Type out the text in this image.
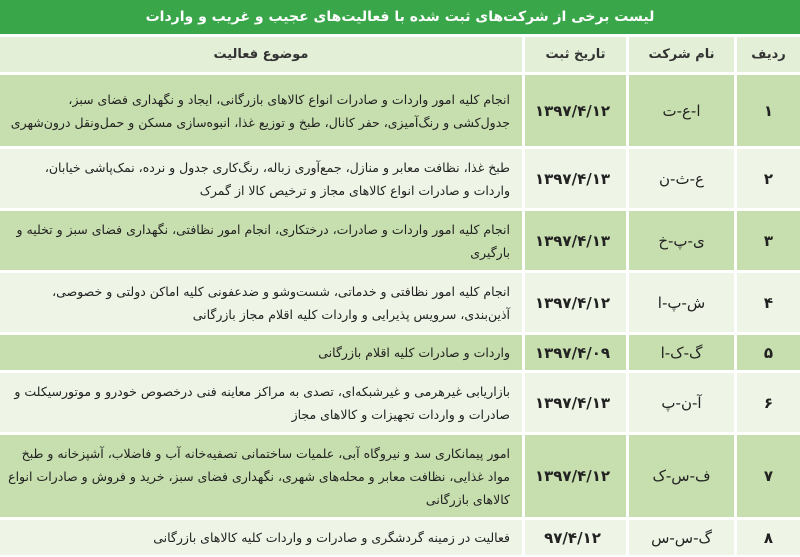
لیست برخی از شرکت‌های ثبت شده با فعالیت‌های عجیب و غریب و واردات			
ردیف	نام شرکت	تاریخ ثبت	موضوع فعالیت
۱	ا-ع-ت	۱۳۹۷/۴/۱۲	انجام کلیه امور واردات و صادرات انواع کالاهای بازرگانی، ایجاد و نگهداری فضای سبز، جدول‌کشی و رنگ‌آمیزی، حفر کانال، طبخ و توزیع غذا، انبوه‌سازی مسکن و حمل‌ونقل درون‌شهری
۲	ع-ث-ن	۱۳۹۷/۴/۱۳	طبخ غذا، نظافت معابر و منازل، جمع‌آوری زباله، رنگ‌کاری جدول و نرده، نمک‌پاشی خیابان، واردات و صادرات انواع کالاهای مجاز و ترخیص کالا از گمرک
۳	ی-پ-خ	۱۳۹۷/۴/۱۳	انجام کلیه امور واردات و صادرات، درختکاری، انجام امور نظافتی، نگهداری فضای سبز و تخلیه و بارگیری
۴	ش-پ-ا	۱۳۹۷/۴/۱۲	انجام کلیه امور نظافتی و خدماتی، شست‌وشو و ضدعفونی کلیه اماکن دولتی و خصوصی، آذین‌بندی، سرویس پذیرایی و واردات کلیه اقلام مجاز بازرگانی
۵	گ-ک-ا	۱۳۹۷/۴/۰۹	واردات و صادرات کلیه اقلام بازرگانی
۶	آ-ن-پ	۱۳۹۷/۴/۱۳	بازاریابی غیرهرمی و غیرشبکه‌ای، تصدی به مراکز معاینه فنی درخصوص خودرو و موتورسیکلت و صادرات و واردات تجهیزات و کالاهای مجاز
۷	ف-س-ک	۱۳۹۷/۴/۱۲	امور پیمانکاری سد و نیروگاه آبی، علمیات ساختمانی تصفیه‌خانه آب و فاضلاب، آشپزخانه و طبخ مواد غذایی، نظافت معابر و محله‌های شهری، نگهداری فضای سبز، خرید و فروش و صادرات انواع کالاهای بازرگانی
۸	گ-س-س	۹۷/۴/۱۲	فعالیت در زمینه گردشگری و صادرات و واردات کلیه کالاهای بازرگانی
